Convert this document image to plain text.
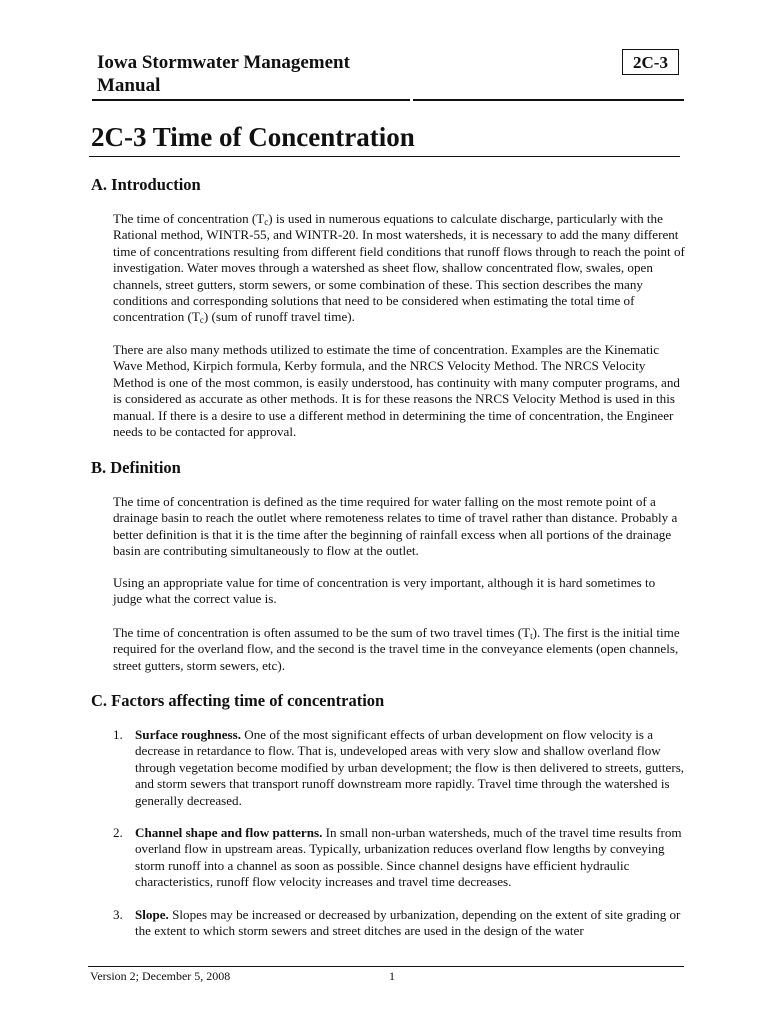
Iowa Stormwater Management Manual
2C-3
2C-3 Time of Concentration
A. Introduction

The time of concentration $(T_c)$ is used in numerous equations to calculate discharge, particularly with the Rational method, WINTR-55, and WINTR-20. In most watersheds, it is necessary to add the many different time of concentrations resulting from different field conditions that runoff flows through to reach the point of investigation. Water moves through a watershed as sheet flow, shallow concentrated flow, swales, open channels, street gutters, storm sewers, or some combination of these. This section describes the many conditions and corresponding solutions that need to be considered when estimating the total time of concentration $(T_c)$ (sum of runoff travel time).

There are also many methods utilized to estimate the time of concentration. Examples are the Kinematic Wave Method, Kirpich formula, Kerby formula, and the NRCS Velocity Method. The NRCS Velocity Method is one of the most common, is easily understood, has continuity with many computer programs, and is considered as accurate as other methods. It is for these reasons the NRCS Velocity Method is used in this manual. If there is a desire to use a different method in determining the time of concentration, the Engineer needs to be contacted for approval.

B. Definition

The time of concentration is defined as the time required for water falling on the most remote point of a drainage basin to reach the outlet where remoteness relates to time of travel rather than distance. Probably a better definition is that it is the time after the beginning of rainfall excess when all portions of the drainage basin are contributing simultaneously to flow at the outlet.

Using an appropriate value for time of concentration is very important, although it is hard sometimes to judge what the correct value is.

The time of concentration is often assumed to be the sum of two travel times $(T_t)$. The first is the initial time required for the overland flow, and the second is the travel time in the conveyance elements (open channels, street gutters, storm sewers, etc).

C. Factors affecting time of concentration
1. Surface roughness. One of the most significant effects of urban development on flow velocity is a decrease in retardance to flow. That is, undeveloped areas with very slow and shallow overland flow through vegetation become modified by urban development; the flow is then delivered to streets, gutters, and storm sewers that transport runoff downstream more rapidly. Travel time through the watershed is generally decreased.
2. Channel shape and flow patterns. In small non-urban watersheds, much of the travel time results from overland flow in upstream areas. Typically, urbanization reduces overland flow lengths by conveying storm runoff into a channel as soon as possible. Since channel designs have efficient hydraulic characteristics, runoff flow velocity increases and travel time decreases.
3. Slope. Slopes may be increased or decreased by urbanization, depending on the extent of site grading or the extent to which storm sewers and street ditches are used in the design of the water
Version 2; December 5, 2008	1
